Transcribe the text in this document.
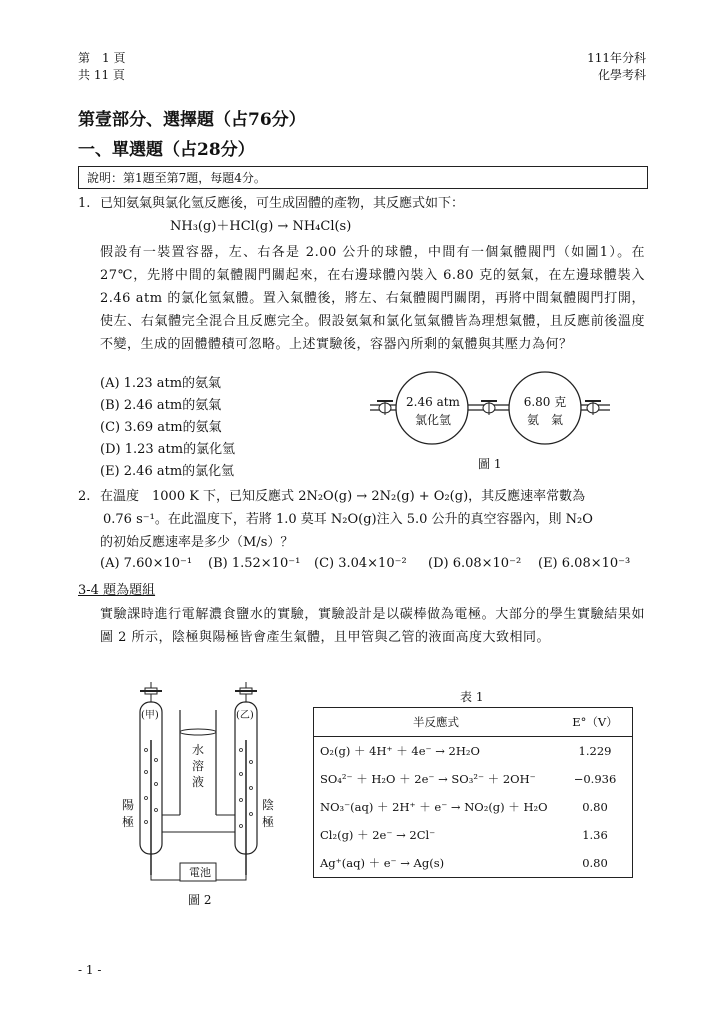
第　1 頁
共 11 頁
111年分科
化學考科
第壹部分、選擇題（占76分）
一、單選題（占28分）
說明：第1題至第7題，每題4分。
1. 已知氨氣與氯化氫反應後，可生成固體的產物，其反應式如下：
NH₃(g)＋HCl(g) → NH₄Cl(s)
假設有一裝置容器，左、右各是 2.00 公升的球體，中間有一個氣體閥門（如圖1）。在 27℃，先將中間的氣體閥門關起來，在右邊球體內裝入 6.80 克的氨氣，在左邊球體裝入 2.46 atm 的氯化氫氣體。置入氣體後，將左、右氣體閥門關閉，再將中間氣體閥門打開，使左、右氣體完全混合且反應完全。假設氨氣和氯化氫氣體皆為理想氣體，且反應前後溫度不變，生成的固體體積可忽略。上述實驗後，容器內所剩的氣體與其壓力為何？
(A) 1.23 atm的氨氣
(B) 2.46 atm的氨氣
(C) 3.69 atm的氨氣
(D) 1.23 atm的氯化氫
(E) 2.46 atm的氯化氫
2.46 atm
氯化氫
6.80 克
氨　氣
圖 1
2. 在溫度　1000 K 下，已知反應式 2N₂O(g) → 2N₂(g) + O₂(g)，其反應速率常數為
0.76 s⁻¹。在此溫度下，若將 1.0 莫耳 N₂O(g)注入 5.0 公升的真空容器內，則 N₂O
的初始反應速率是多少（M/s）？
(A) 7.60×10⁻¹ (B) 1.52×10⁻¹ (C) 3.04×10⁻² (D) 6.08×10⁻² (E) 6.08×10⁻³
3-4 題為題組
實驗課時進行電解濃食鹽水的實驗，實驗設計是以碳棒做為電極。大部分的學生實驗結果如圖 2 所示，陰極與陽極皆會產生氣體，且甲管與乙管的液面高度大致相同。
(甲)	(乙)
水
溶
液
陽
極
陰
極
電池
圖 2
表 1
半反應式	E°（V）
O₂(g) ＋ 4H⁺ ＋ 4e⁻ → 2H₂O	1.229
SO₄²⁻ ＋ H₂O ＋ 2e⁻ → SO₃²⁻ ＋ 2OH⁻	−0.936
NO₃⁻(aq) ＋ 2H⁺ ＋ e⁻ → NO₂(g) ＋ H₂O	0.80
Cl₂(g) ＋ 2e⁻ → 2Cl⁻	1.36
Ag⁺(aq) ＋ e⁻ → Ag(s)	0.80
- 1 -
